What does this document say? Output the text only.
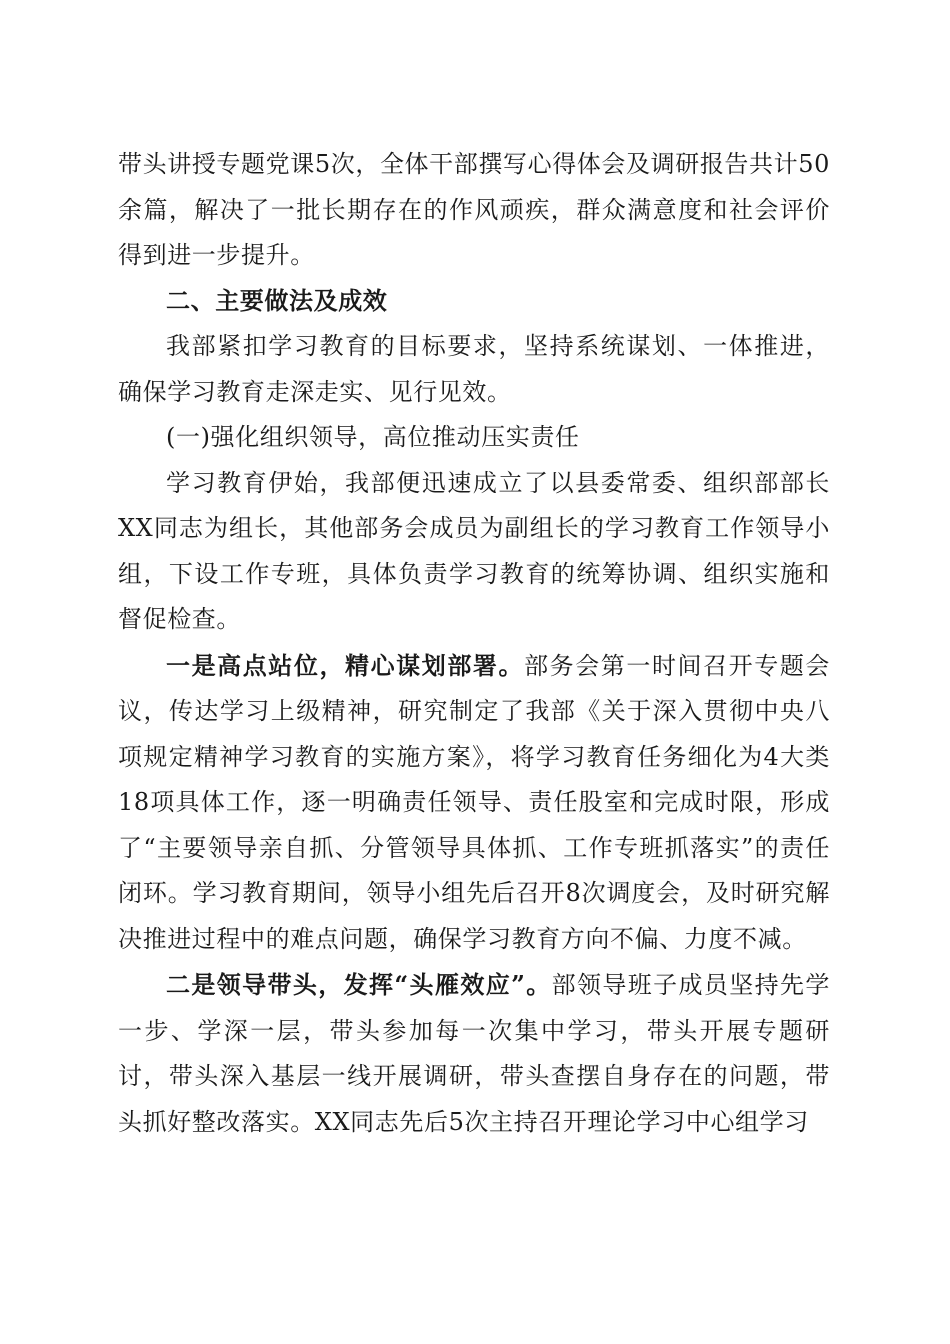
带头讲授专题党课5次，全体干部撰写心得体会及调研报告共计50余篇，解决了一批长期存在的作风顽疾，群众满意度和社会评价得到进一步提升。

二、主要做法及成效

我部紧扣学习教育的目标要求，坚持系统谋划、一体推进，确保学习教育走深走实、见行见效。

(一)强化组织领导，高位推动压实责任

学习教育伊始，我部便迅速成立了以县委常委、组织部部长XX同志为组长，其他部务会成员为副组长的学习教育工作领导小组，下设工作专班，具体负责学习教育的统筹协调、组织实施和督促检查。

一是高点站位，精心谋划部署。部务会第一时间召开专题会议，传达学习上级精神，研究制定了我部《关于深入贯彻中央八项规定精神学习教育的实施方案》，将学习教育任务细化为4大类18项具体工作，逐一明确责任领导、责任股室和完成时限，形成了“主要领导亲自抓、分管领导具体抓、工作专班抓落实”的责任闭环。学习教育期间，领导小组先后召开8次调度会，及时研究解决推进过程中的难点问题，确保学习教育方向不偏、力度不减。

二是领导带头，发挥“头雁效应”。部领导班子成员坚持先学一步、学深一层，带头参加每一次集中学习，带头开展专题研讨，带头深入基层一线开展调研，带头查摆自身存在的问题，带头抓好整改落实。XX同志先后5次主持召开理论学习中心组学习
